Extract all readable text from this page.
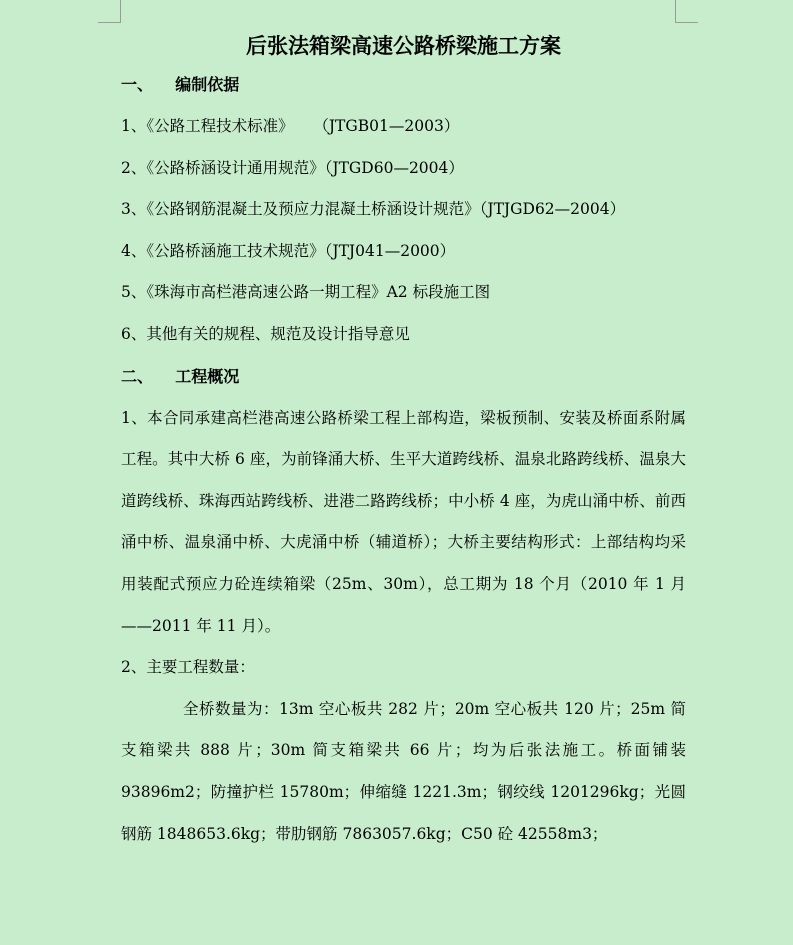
后张法箱梁高速公路桥梁施工方案
一、    编制依据

1、《公路工程技术标准》    （JTGB01—2003）

2、《公路桥涵设计通用规范》（JTGD60—2004）

3、《公路钢筋混凝土及预应力混凝土桥涵设计规范》（JTJGD62—2004）

4、《公路桥涵施工技术规范》（JTJ041—2000）

5、《珠海市高栏港高速公路一期工程》A2 标段施工图

6、其他有关的规程、规范及设计指导意见

二、    工程概况

1、本合同承建高栏港高速公路桥梁工程上部构造，梁板预制、安装及桥面系附属工程。其中大桥 6 座，为前锋涌大桥、生平大道跨线桥、温泉北路跨线桥、温泉大道跨线桥、珠海西站跨线桥、进港二路跨线桥；中小桥 4 座，为虎山涌中桥、前西涌中桥、温泉涌中桥、大虎涌中桥（辅道桥）；大桥主要结构形式：上部结构均采用装配式预应力砼连续箱梁（25m、30m），总工期为 18 个月（2010 年 1 月——2011 年 11 月）。

2、主要工程数量：

全桥数量为：13m 空心板共 282 片；20m 空心板共 120 片；25m 简支箱梁共 888 片；30m 简支箱梁共 66 片；均为后张法施工。桥面铺装 93896m2；防撞护栏 15780m；伸缩缝 1221.3m；钢绞线 1201296kg；光圆钢筋 1848653.6kg；带肋钢筋 7863057.6kg；C50 砼 42558m3；
